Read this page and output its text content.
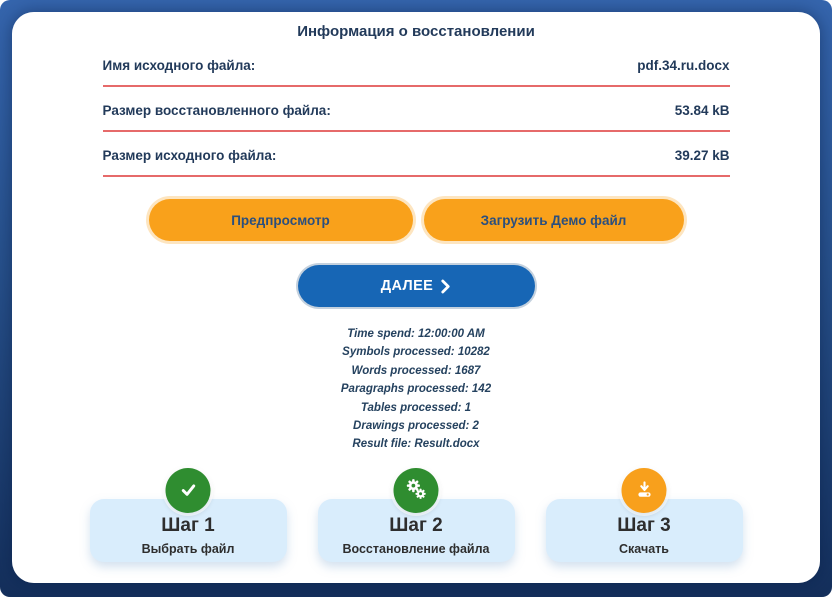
Информация о восстановлении
Имя исходного файла:	pdf.34.ru.docx
Размер восстановленного файла:	53.84 kB
Размер исходного файла:	39.27 kB
Предпросмотр	Загрузить Демо файл
ДАЛЕЕ
Time spend: 12:00:00 AM
Symbols processed: 10282
Words processed: 1687
Paragraphs processed: 142
Tables processed: 1
Drawings processed: 2
Result file: Result.docx
Шаг 1
Выбрать файл
Шаг 2
Восстановление файла
Шаг 3
Скачать
